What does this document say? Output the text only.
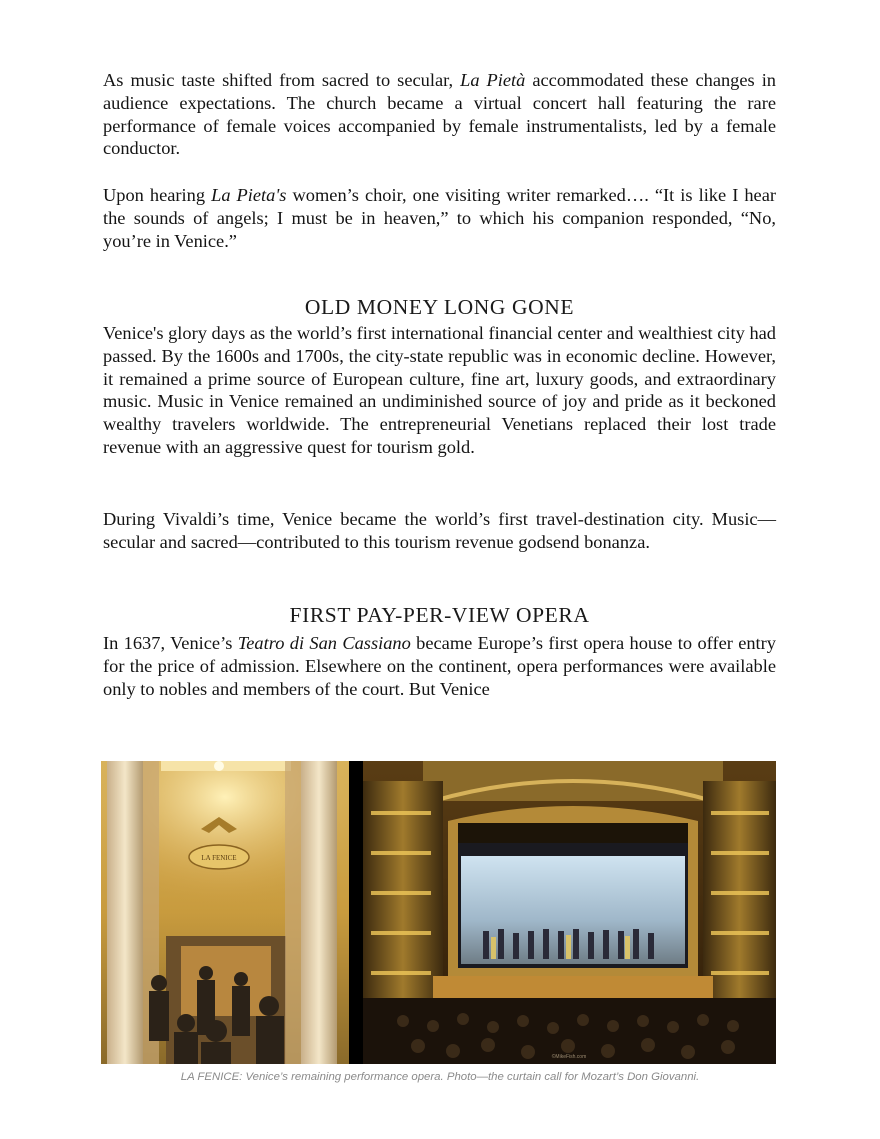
As music taste shifted from sacred to secular, La Pietà accommodated these changes in audience expectations. The church became a virtual concert hall featuring the rare performance of female voices accompanied by female instrumentalists, led by a female conductor.

Upon hearing La Pieta's women’s choir, one visiting writer remarked…. “It is like I hear the sounds of angels; I must be in heaven,” to which his companion responded, “No, you’re in Venice.”

OLD MONEY LONG GONE

Venice's glory days as the world’s first international financial center and wealthiest city had passed. By the 1600s and 1700s, the city-state republic was in economic decline. However, it remained a prime source of European culture, fine art, luxury goods, and extraordinary music. Music in Venice remained an undiminished source of joy and pride as it beckoned wealthy travelers worldwide. The entrepreneurial Venetians replaced their lost trade revenue with an aggressive quest for tourism gold.

During Vivaldi’s time, Venice became the world’s first travel-destination city. Music—secular and sacred—contributed to this tourism revenue godsend bonanza.

FIRST PAY-PER-VIEW OPERA

In 1637, Venice’s Teatro di San Cassiano became Europe’s first opera house to offer entry for the price of admission. Elsewhere on the continent, opera performances were available only to nobles and members of the court. But Venice

LA FENICE
©MikeFish.com
LA FENICE: Venice’s remaining performance opera. Photo—the curtain call for Mozart’s Don Giovanni.
